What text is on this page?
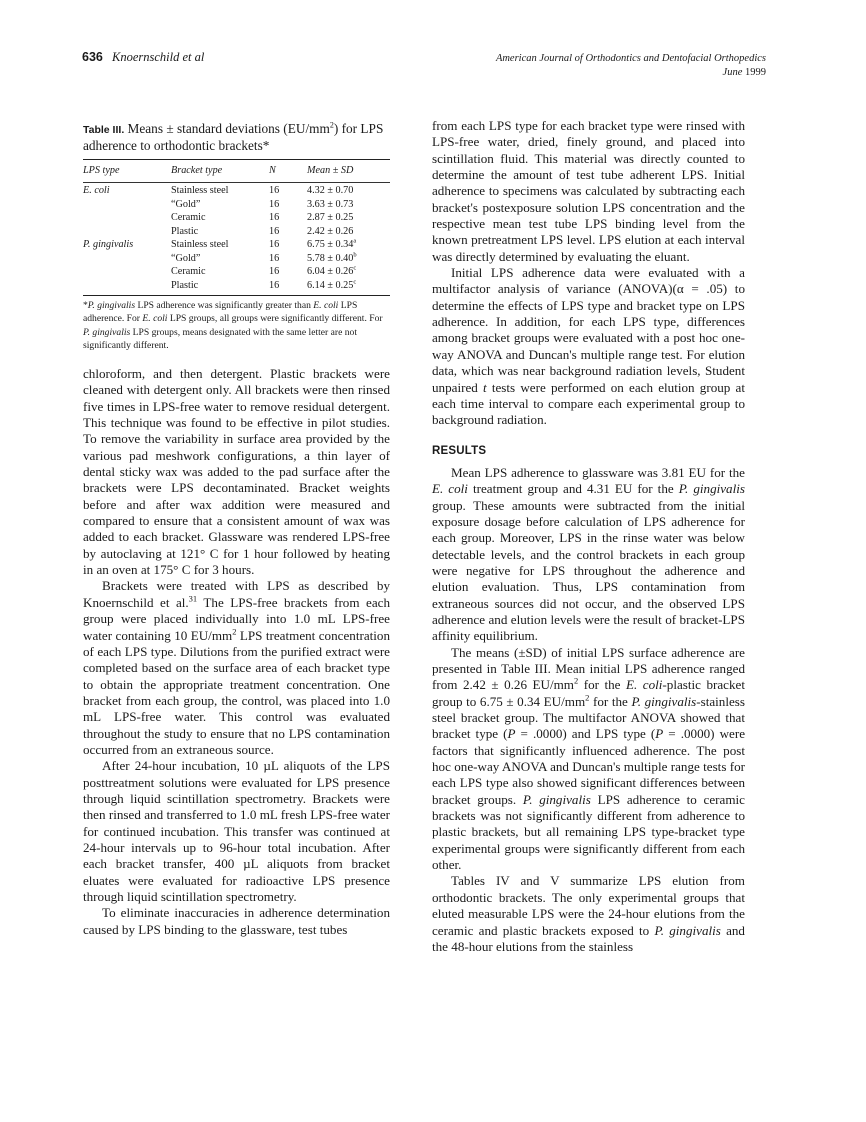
636 Knoernschild et al	American Journal of Orthodontics and Dentofacial Orthopedics
June 1999
Table III. Means ± standard deviations $(EU/mm^2)$ for LPS adherence to orthodontic brackets*
LPS type	Bracket type	N	Mean ± SD

E. coli	Stainless steel	16	4.32 ± 0.70
	“Gold”	16	3.63 ± 0.73
	Ceramic	16	2.87 ± 0.25
	Plastic	16	2.42 ± 0.26
P. gingivalis	Stainless steel	16	6.75 ± 0.34$^a$
	“Gold”	16	5.78 ± 0.40$^b$
	Ceramic	16	6.04 ± 0.26$^c$
	Plastic	16	6.14 ± 0.25$^c$
*P. gingivalis LPS adherence was significantly greater than E. coli LPS adherence. For E. coli LPS groups, all groups were significantly different. For P. gingivalis LPS groups, means designated with the same letter are not significantly different.

chloroform, and then detergent. Plastic brackets were cleaned with detergent only. All brackets were then rinsed five times in LPS-free water to remove residual detergent. This technique was found to be effective in pilot studies. To remove the variability in surface area provided by the various pad meshwork configurations, a thin layer of dental sticky wax was added to the pad surface after the brackets were LPS decontaminated. Bracket weights before and after wax addition were measured and compared to ensure that a consistent amount of wax was added to each bracket. Glassware was rendered LPS-free by autoclaving at 121° C for 1 hour followed by heating in an oven at 175° C for 3 hours.

Brackets were treated with LPS as described by Knoernschild et al.$^{31}$ The LPS-free brackets from each group were placed individually into 1.0 mL LPS-free water containing 10 $EU/mm^2$ LPS treatment concentration of each LPS type. Dilutions from the purified extract were completed based on the surface area of each bracket type to obtain the appropriate treatment concentration. One bracket from each group, the control, was placed into 1.0 mL LPS-free water. This control was evaluated throughout the study to ensure that no LPS contamination occurred from an extraneous source.

After 24-hour incubation, 10 µL aliquots of the LPS posttreatment solutions were evaluated for LPS presence through liquid scintillation spectrometry. Brackets were then rinsed and transferred to 1.0 mL fresh LPS-free water for continued incubation. This transfer was continued at 24-hour intervals up to 96-hour total incubation. After each bracket transfer, 400 µL aliquots from bracket eluates were evaluated for radioactive LPS presence through liquid scintillation spectrometry.

To eliminate inaccuracies in adherence determination caused by LPS binding to the glassware, test tubes

from each LPS type for each bracket type were rinsed with LPS-free water, dried, finely ground, and placed into scintillation fluid. This material was directly counted to determine the amount of test tube adherent LPS. Initial adherence to specimens was calculated by subtracting each bracket's postexposure solution LPS concentration and the respective mean test tube LPS binding level from the known pretreatment LPS level. LPS elution at each interval was directly determined by evaluating the eluant.

Initial LPS adherence data were evaluated with a multifactor analysis of variance (ANOVA)(α = .05) to determine the effects of LPS type and bracket type on LPS adherence. In addition, for each LPS type, differences among bracket groups were evaluated with a post hoc one-way ANOVA and Duncan's multiple range test. For elution data, which was near background radiation levels, Student unpaired t tests were performed on each elution group at each time interval to compare each experimental group to background radiation.

RESULTS

Mean LPS adherence to glassware was 3.81 EU for the E. coli treatment group and 4.31 EU for the P. gingivalis group. These amounts were subtracted from the initial exposure dosage before calculation of LPS adherence for each group. Moreover, LPS in the rinse water was below detectable levels, and the control brackets in each group were negative for LPS throughout the adherence and elution evaluation. Thus, LPS contamination from extraneous sources did not occur, and the observed LPS adherence and elution levels were the result of bracket-LPS affinity equilibrium.

The means (±SD) of initial LPS surface adherence are presented in Table III. Mean initial LPS adherence ranged from 2.42 ± 0.26 $EU/mm^2$ for the E. coli-plastic bracket group to 6.75 ± 0.34 $EU/mm^2$ for the P. gingivalis-stainless steel bracket group. The multifactor ANOVA showed that bracket type (P = .0000) and LPS type (P = .0000) were factors that significantly influenced adherence. The post hoc one-way ANOVA and Duncan's multiple range tests for each LPS type also showed significant differences between bracket groups. P. gingivalis LPS adherence to ceramic brackets was not significantly different from adherence to plastic brackets, but all remaining LPS type-bracket type experimental groups were significantly different from each other.

Tables IV and V summarize LPS elution from orthodontic brackets. The only experimental groups that eluted measurable LPS were the 24-hour elutions from the ceramic and plastic brackets exposed to P. gingivalis and the 48-hour elutions from the stainless
